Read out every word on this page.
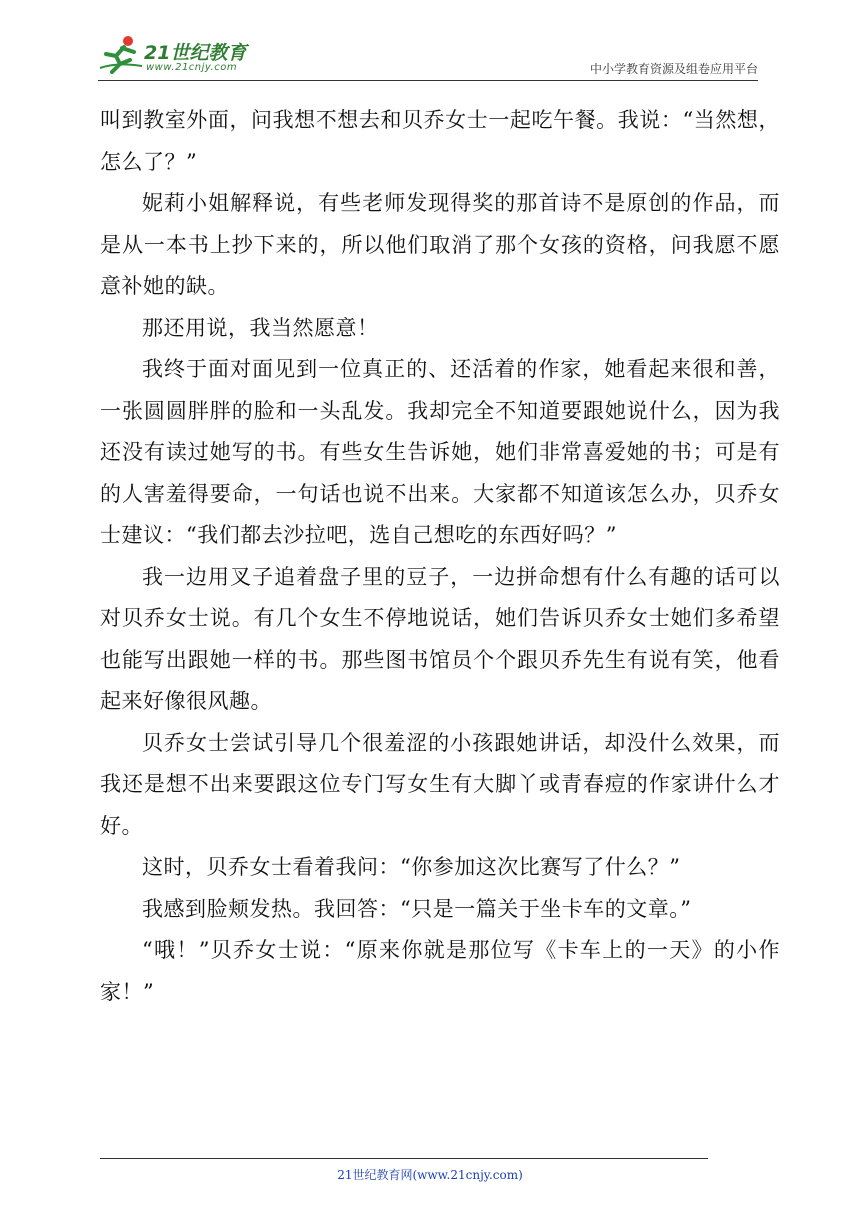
21世纪教育
www.21cnjy.com	中小学教育资源及组卷应用平台

叫到教室外面，问我想不想去和贝乔女士一起吃午餐。我说：“当然想，怎么了？”

妮莉小姐解释说，有些老师发现得奖的那首诗不是原创的作品，而是从一本书上抄下来的，所以他们取消了那个女孩的资格，问我愿不愿意补她的缺。

那还用说，我当然愿意！

我终于面对面见到一位真正的、还活着的作家，她看起来很和善，一张圆圆胖胖的脸和一头乱发。我却完全不知道要跟她说什么，因为我还没有读过她写的书。有些女生告诉她，她们非常喜爱她的书；可是有的人害羞得要命，一句话也说不出来。大家都不知道该怎么办，贝乔女士建议：“我们都去沙拉吧，选自己想吃的东西好吗？”

我一边用叉子追着盘子里的豆子，一边拼命想有什么有趣的话可以对贝乔女士说。有几个女生不停地说话，她们告诉贝乔女士她们多希望也能写出跟她一样的书。那些图书馆员个个跟贝乔先生有说有笑，他看起来好像很风趣。

贝乔女士尝试引导几个很羞涩的小孩跟她讲话，却没什么效果，而我还是想不出来要跟这位专门写女生有大脚丫或青春痘的作家讲什么才好。

这时，贝乔女士看着我问：“你参加这次比赛写了什么？”

我感到脸颊发热。我回答：“只是一篇关于坐卡车的文章。”

“哦！”贝乔女士说：“原来你就是那位写《卡车上的一天》的小作家！”

21世纪教育网(www.21cnjy.com)
